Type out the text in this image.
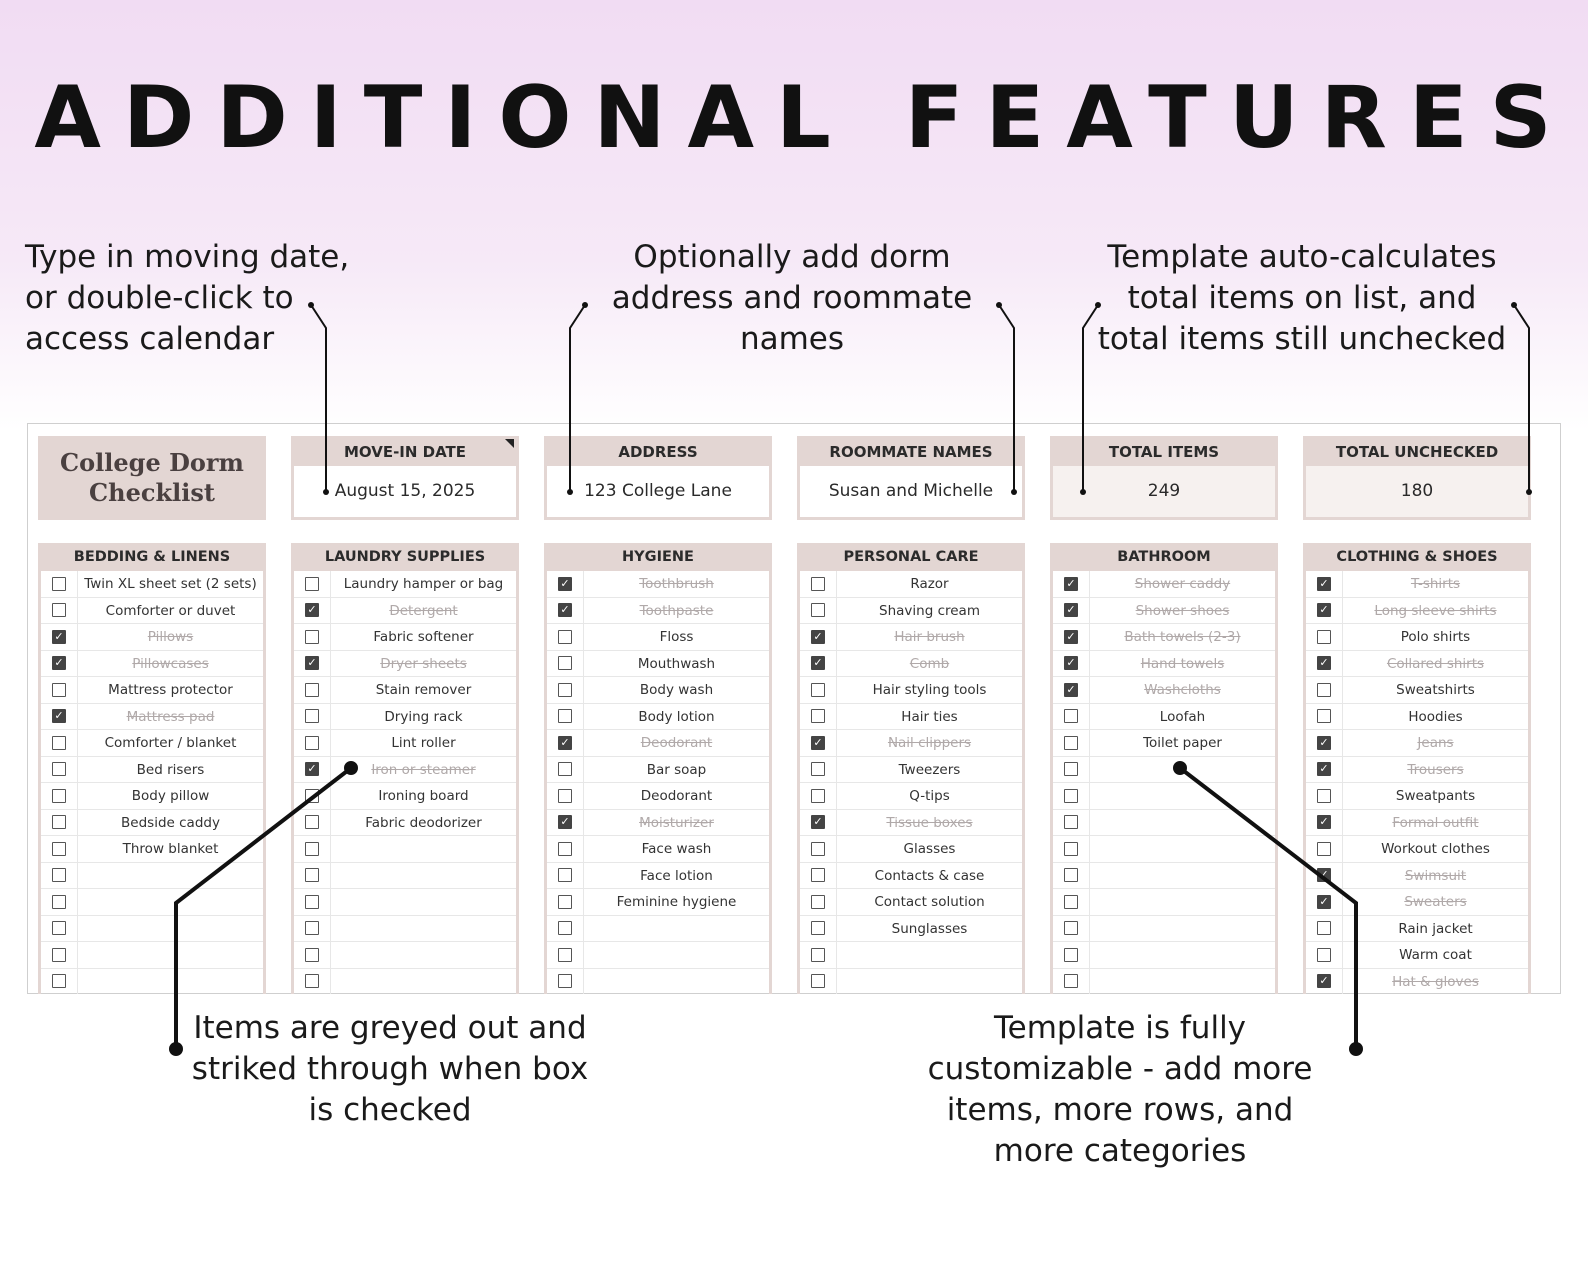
ADDITIONAL FEATURES
Type in moving date,
or double-click to
access calendar
Optionally add dorm
address and roommate
names
Template auto-calculates
total items on list, and
total items still unchecked
College Dorm
Checklist
MOVE-IN DATE
August 15, 2025
ADDRESS
123 College Lane
ROOMMATE NAMES
Susan and Michelle
TOTAL ITEMS
249
TOTAL UNCHECKED
180
BEDDING & LINENS
Twin XL sheet set (2 sets)
Comforter or duvet
✓	Pillows
✓	Pillowcases
Mattress protector
✓	Mattress pad
Comforter / blanket
Bed risers
Body pillow
Bedside caddy
Throw blanket
LAUNDRY SUPPLIES
Laundry hamper or bag
✓	Detergent
Fabric softener
✓	Dryer sheets
Stain remover
Drying rack
Lint roller
✓	Iron or steamer
Ironing board
Fabric deodorizer
HYGIENE
✓	Toothbrush
✓	Toothpaste
Floss
Mouthwash
Body wash
Body lotion
✓	Deodorant
Bar soap
Deodorant
✓	Moisturizer
Face wash
Face lotion
Feminine hygiene
PERSONAL CARE
Razor
Shaving cream
✓	Hair brush
✓	Comb
Hair styling tools
Hair ties
✓	Nail clippers
Tweezers
Q-tips
✓	Tissue boxes
Glasses
Contacts & case
Contact solution
Sunglasses
BATHROOM
✓	Shower caddy
✓	Shower shoes
✓	Bath towels (2-3)
✓	Hand towels
✓	Washcloths
Loofah
Toilet paper
CLOTHING & SHOES
✓	T-shirts
✓	Long sleeve shirts
Polo shirts
✓	Collared shirts
Sweatshirts
Hoodies
✓	Jeans
✓	Trousers
Sweatpants
✓	Formal outfit
Workout clothes
✓	Swimsuit
✓	Sweaters
Rain jacket
Warm coat
✓	Hat & gloves
Items are greyed out and
striked through when box
is checked
Template is fully
customizable - add more
items, more rows, and
more categories
